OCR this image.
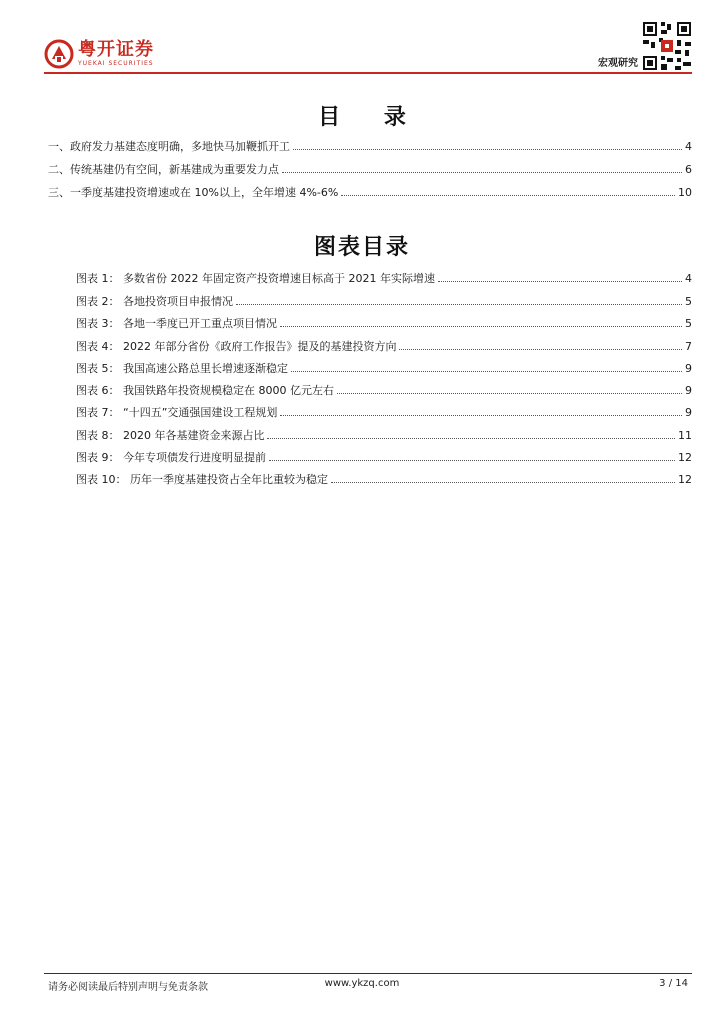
粤开证券
YUEKAI SECURITIES	宏观研究
目 录
一、政府发力基建态度明确，多地快马加鞭抓开工	4
二、传统基建仍有空间，新基建成为重要发力点	6
三、一季度基建投资增速或在 10%以上，全年增速 4%-6%	10
图表目录
图表 1： 多数省份 2022 年固定资产投资增速目标高于 2021 年实际增速	4
图表 2： 各地投资项目申报情况	5
图表 3： 各地一季度已开工重点项目情况	5
图表 4： 2022 年部分省份《政府工作报告》提及的基建投资方向	7
图表 5： 我国高速公路总里长增速逐渐稳定	9
图表 6： 我国铁路年投资规模稳定在 8000 亿元左右	9
图表 7： “十四五”交通强国建设工程规划	9
图表 8： 2020 年各基建资金来源占比	11
图表 9： 今年专项债发行进度明显提前	12
图表 10： 历年一季度基建投资占全年比重较为稳定	12
请务必阅读最后特别声明与免责条款	www.ykzq.com	3 / 14
